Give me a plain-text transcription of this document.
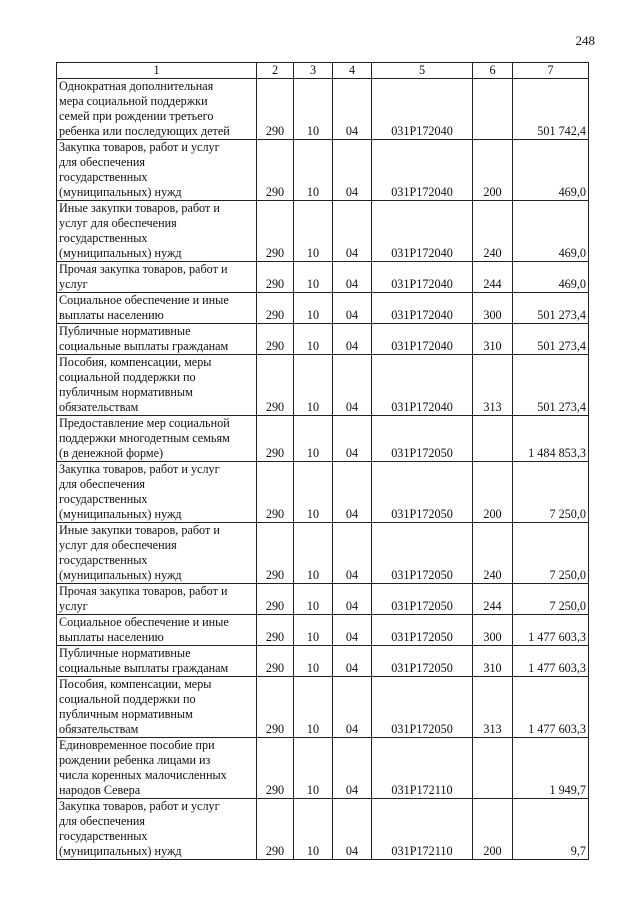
248
1	2	3	4	5	6	7
Однократная дополнительная
мера социальной поддержки
семей при рождении третьего
ребенка или последующих детей	290	10	04	031P172040		501 742,4
Закупка товаров, работ и услуг
для обеспечения
государственных
(муниципальных) нужд	290	10	04	031P172040	200	469,0
Иные закупки товаров, работ и
услуг для обеспечения
государственных
(муниципальных) нужд	290	10	04	031P172040	240	469,0
Прочая закупка товаров, работ и
услуг	290	10	04	031P172040	244	469,0
Социальное обеспечение и иные
выплаты населению	290	10	04	031P172040	300	501 273,4
Публичные нормативные
социальные выплаты гражданам	290	10	04	031P172040	310	501 273,4
Пособия, компенсации, меры
социальной поддержки по
публичным нормативным
обязательствам	290	10	04	031P172040	313	501 273,4
Предоставление мер социальной
поддержки многодетным семьям
(в денежной форме)	290	10	04	031P172050		1 484 853,3
Закупка товаров, работ и услуг
для обеспечения
государственных
(муниципальных) нужд	290	10	04	031P172050	200	7 250,0
Иные закупки товаров, работ и
услуг для обеспечения
государственных
(муниципальных) нужд	290	10	04	031P172050	240	7 250,0
Прочая закупка товаров, работ и
услуг	290	10	04	031P172050	244	7 250,0
Социальное обеспечение и иные
выплаты населению	290	10	04	031P172050	300	1 477 603,3
Публичные нормативные
социальные выплаты гражданам	290	10	04	031P172050	310	1 477 603,3
Пособия, компенсации, меры
социальной поддержки по
публичным нормативным
обязательствам	290	10	04	031P172050	313	1 477 603,3
Единовременное пособие при
рождении ребенка лицами из
числа коренных малочисленных
народов Севера	290	10	04	031P172110		1 949,7
Закупка товаров, работ и услуг
для обеспечения
государственных
(муниципальных) нужд	290	10	04	031P172110	200	9,7
